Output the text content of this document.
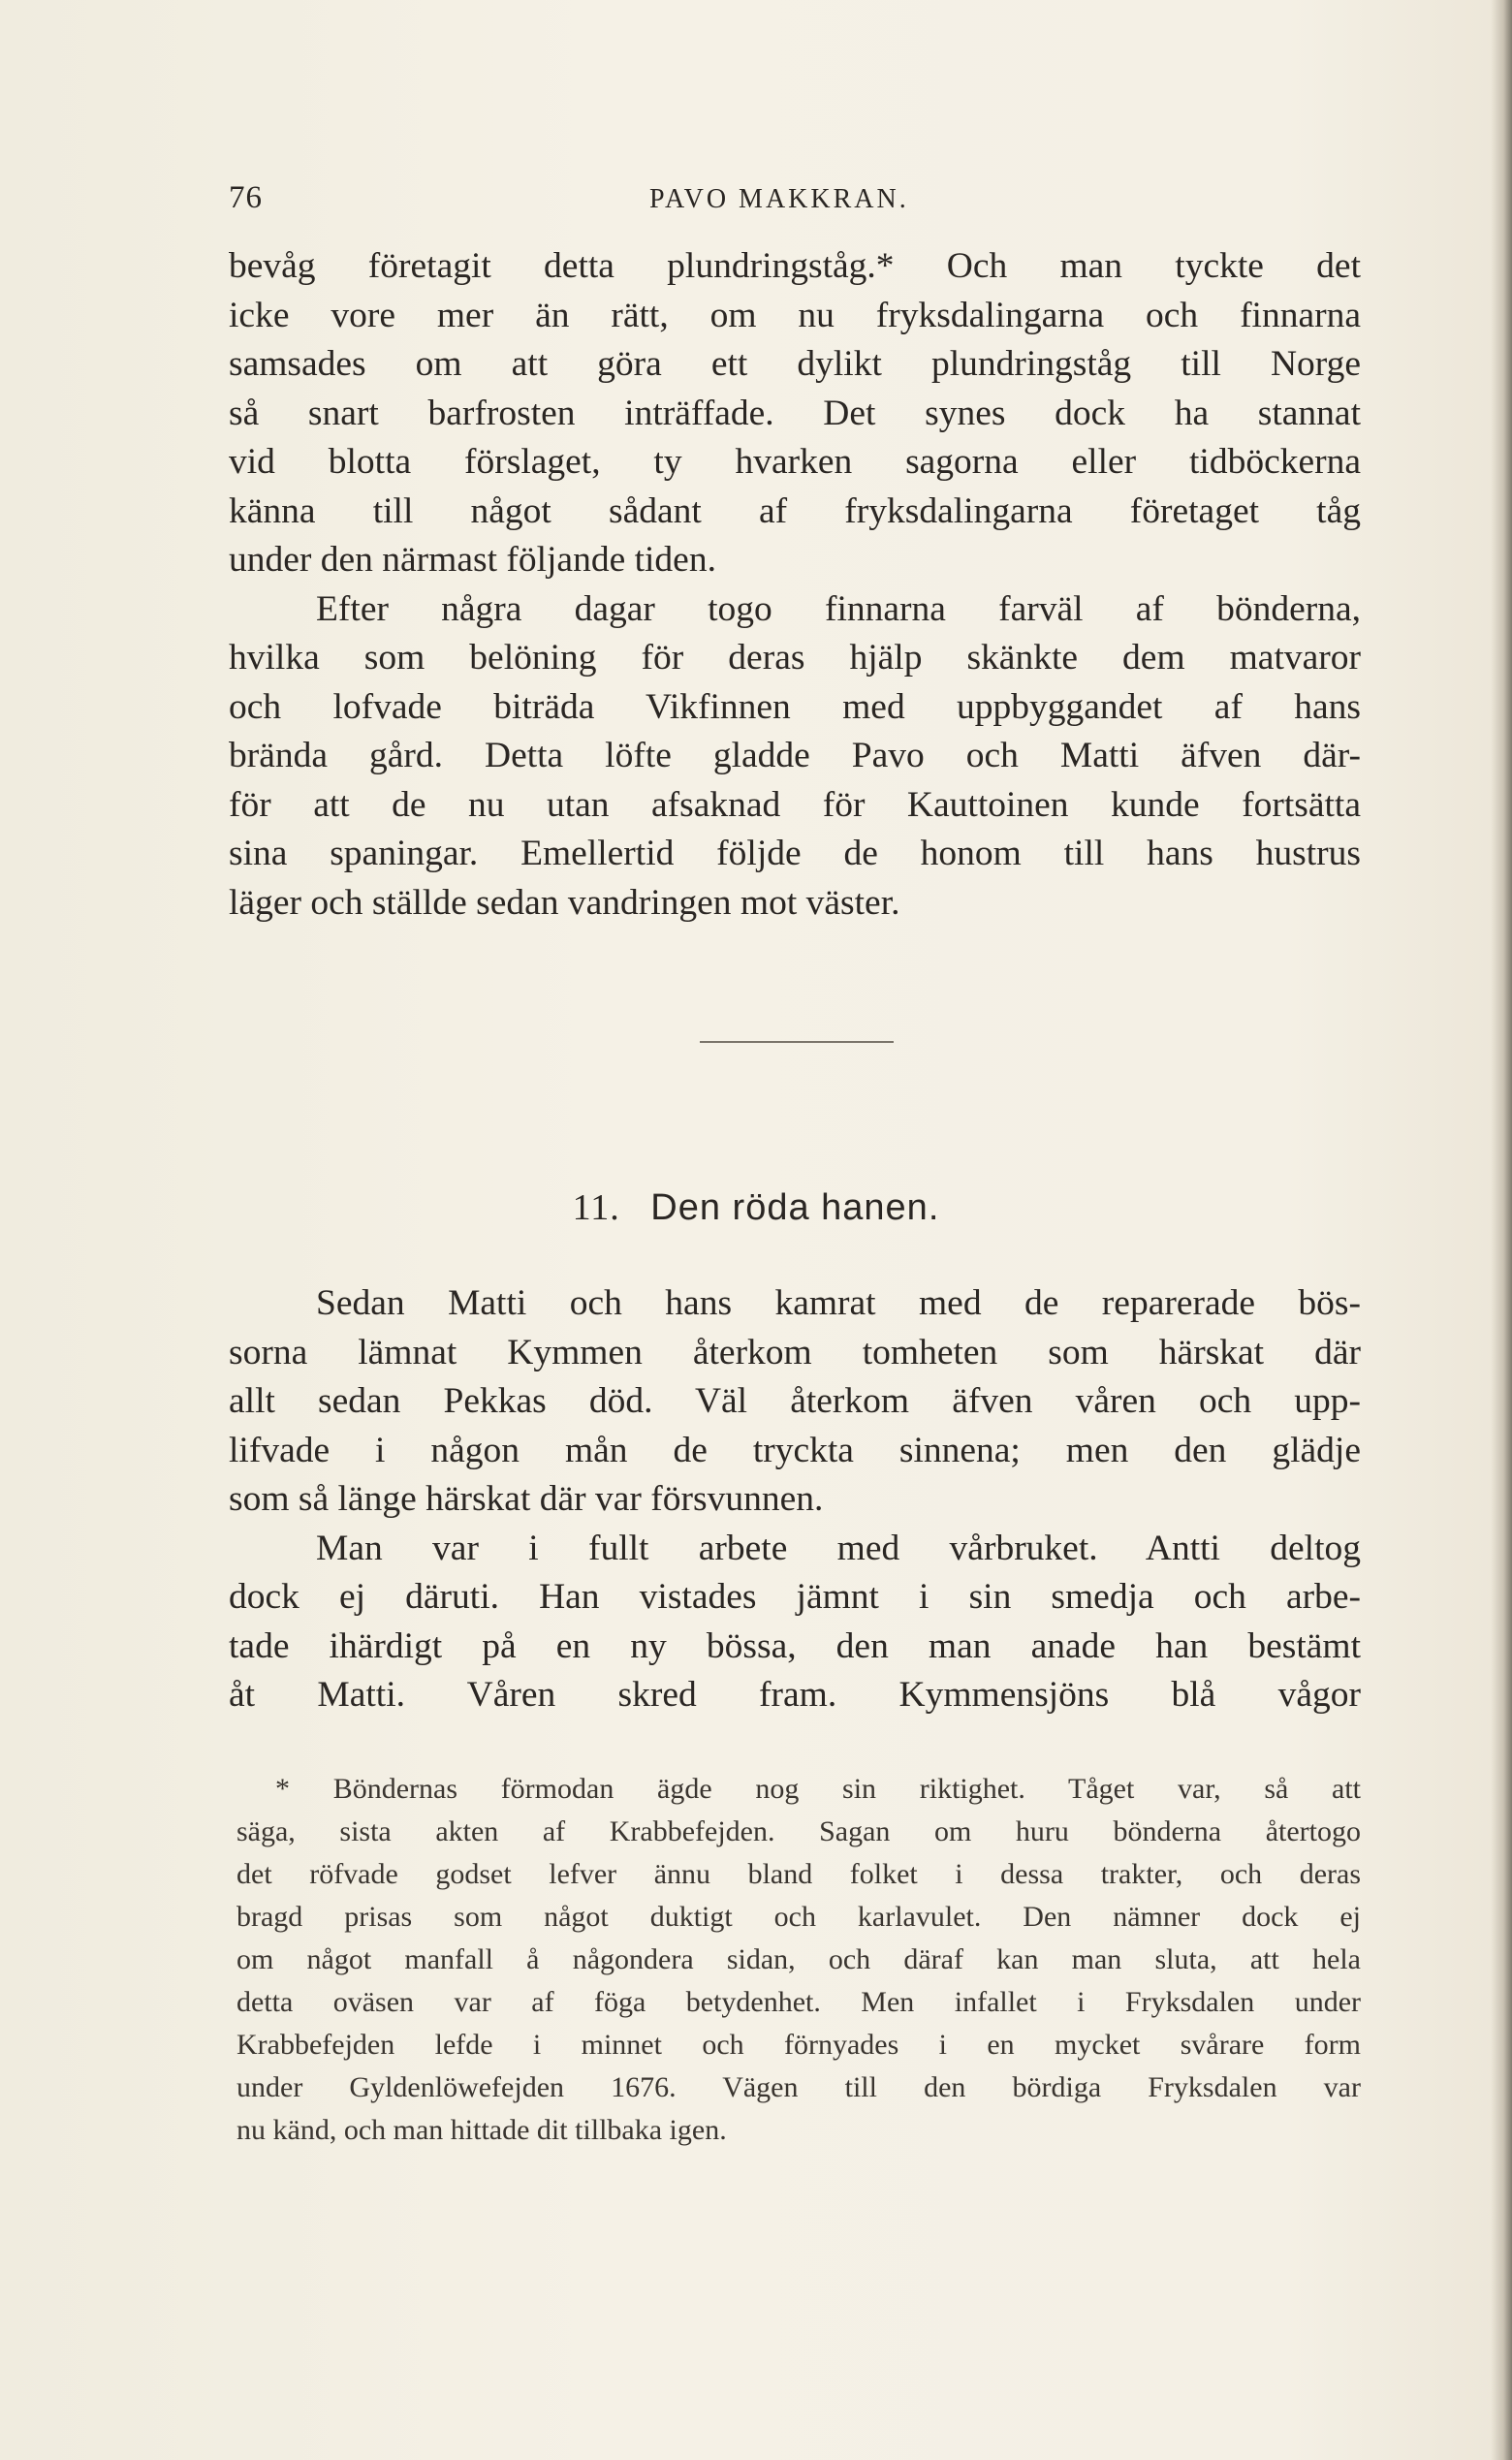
76	PAVO MAKKRAN.
bevåg företagit detta plundringståg.* Och man tyckte det
icke vore mer än rätt, om nu fryksdalingarna och finnarna
samsades om att göra ett dylikt plundringståg till Norge
så snart barfrosten inträffade. Det synes dock ha stannat
vid blotta förslaget, ty hvarken sagorna eller tidböckerna
känna till något sådant af fryksdalingarna företaget tåg
under den närmast följande tiden.
Efter några dagar togo finnarna farväl af bönderna,
hvilka som belöning för deras hjälp skänkte dem matvaror
och lofvade biträda Vikfinnen med uppbyggandet af hans
brända gård. Detta löfte gladde Pavo och Matti äfven där-
för att de nu utan afsaknad för Kauttoinen kunde fortsätta
sina spaningar. Emellertid följde de honom till hans hustrus
läger och ställde sedan vandringen mot väster.
11. Den röda hanen.
Sedan Matti och hans kamrat med de reparerade bös-
sorna lämnat Kymmen återkom tomheten som härskat där
allt sedan Pekkas död. Väl återkom äfven våren och upp-
lifvade i någon mån de tryckta sinnena; men den glädje
som så länge härskat där var försvunnen.
Man var i fullt arbete med vårbruket. Antti deltog
dock ej däruti. Han vistades jämnt i sin smedja och arbe-
tade ihärdigt på en ny bössa, den man anade han bestämt
åt Matti. Våren skred fram. Kymmensjöns blå vågor
* Böndernas förmodan ägde nog sin riktighet. Tåget var, så att
säga, sista akten af Krabbefejden. Sagan om huru bönderna återtogo
det röfvade godset lefver ännu bland folket i dessa trakter, och deras
bragd prisas som något duktigt och karlavulet. Den nämner dock ej
om något manfall å någondera sidan, och däraf kan man sluta, att hela
detta oväsen var af föga betydenhet. Men infallet i Fryksdalen under
Krabbefejden lefde i minnet och förnyades i en mycket svårare form
under Gyldenlöwefejden 1676. Vägen till den bördiga Fryksdalen var
nu känd, och man hittade dit tillbaka igen.
